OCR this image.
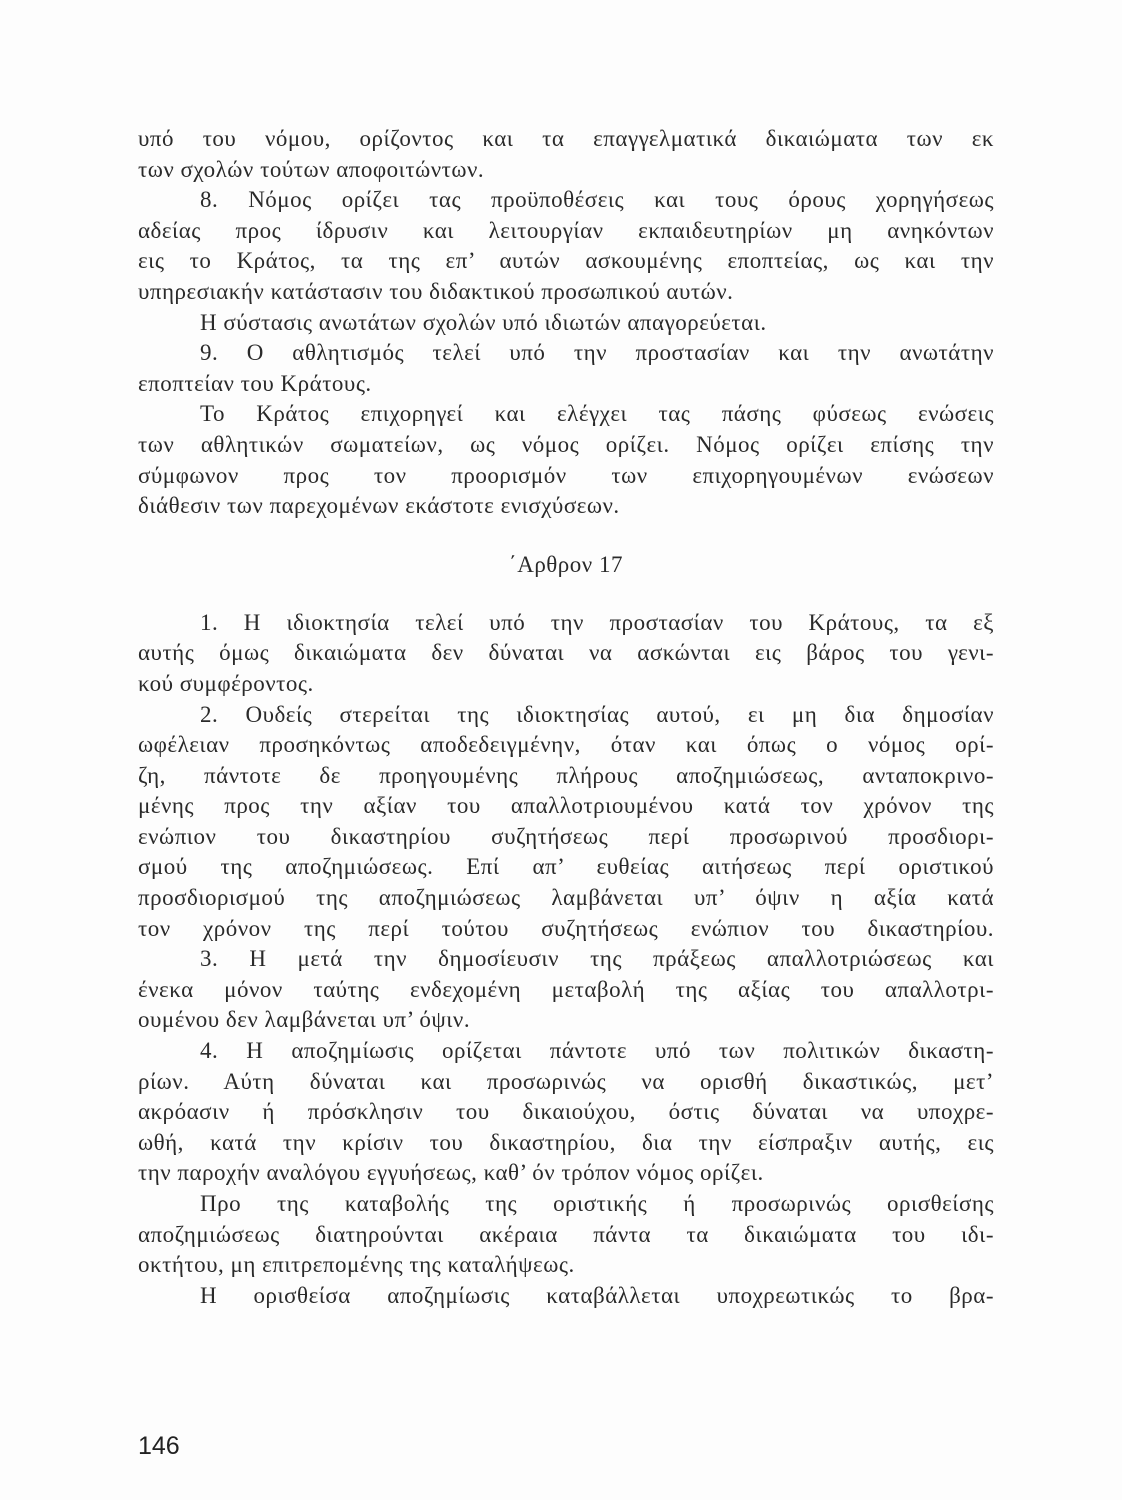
υπό του νόμου, ορίζοντος και τα επαγγελματικά δικαιώματα των εκ
των σχολών τούτων αποφοιτώντων.
8. Νόμος ορίζει τας προϋποθέσεις και τους όρους χορηγήσεως
αδείας προς ίδρυσιν και λειτουργίαν εκπαιδευτηρίων μη ανηκόντων
εις το Κράτος, τα της επ’ αυτών ασκουμένης εποπτείας, ως και την
υπηρεσιακήν κατάστασιν του διδακτικού προσωπικού αυτών.
Η σύστασις ανωτάτων σχολών υπό ιδιωτών απαγορεύεται.
9. Ο αθλητισμός τελεί υπό την προστασίαν και την ανωτάτην
εποπτείαν του Κράτους.
Το Κράτος επιχορηγεί και ελέγχει τας πάσης φύσεως ενώσεις
των αθλητικών σωματείων, ως νόμος ορίζει. Νόμος ορίζει επίσης την
σύμφωνον προς τον προορισμόν των επιχορηγουμένων ενώσεων
διάθεσιν των παρεχομένων εκάστοτε ενισχύσεων.
΄Αρθρον 17
1. Η ιδιοκτησία τελεί υπό την προστασίαν του Κράτους, τα εξ
αυτής όμως δικαιώματα δεν δύναται να ασκώνται εις βάρος του γενι-
κού συμφέροντος.
2. Ουδείς στερείται της ιδιοκτησίας αυτού, ει μη δια δημοσίαν
ωφέλειαν προσηκόντως αποδεδειγμένην, όταν και όπως ο νόμος ορί-
ζη, πάντοτε δε προηγουμένης πλήρους αποζημιώσεως, ανταποκρινο-
μένης προς την αξίαν του απαλλοτριουμένου κατά τον χρόνον της
ενώπιον του δικαστηρίου συζητήσεως περί προσωρινού προσδιορι-
σμού της αποζημιώσεως. Επί απ’ ευθείας αιτήσεως περί οριστικού
προσδιορισμού της αποζημιώσεως λαμβάνεται υπ’ όψιν η αξία κατά
τον χρόνον της περί τούτου συζητήσεως ενώπιον του δικαστηρίου.
3. Η μετά την δημοσίευσιν της πράξεως απαλλοτριώσεως και
ένεκα μόνον ταύτης ενδεχομένη μεταβολή της αξίας του απαλλοτρι-
ουμένου δεν λαμβάνεται υπ’ όψιν.
4. Η αποζημίωσις ορίζεται πάντοτε υπό των πολιτικών δικαστη-
ρίων. Αύτη δύναται και προσωρινώς να ορισθή δικαστικώς, μετ’
ακρόασιν ή πρόσκλησιν του δικαιούχου, όστις δύναται να υποχρε-
ωθή, κατά την κρίσιν του δικαστηρίου, δια την είσπραξιν αυτής, εις
την παροχήν αναλόγου εγγυήσεως, καθ’ όν τρόπον νόμος ορίζει.
Προ της καταβολής της οριστικής ή προσωρινώς ορισθείσης
αποζημιώσεως διατηρούνται ακέραια πάντα τα δικαιώματα του ιδι-
οκτήτου, μη επιτρεπομένης της καταλήψεως.
Η ορισθείσα αποζημίωσις καταβάλλεται υποχρεωτικώς το βρα-
146
